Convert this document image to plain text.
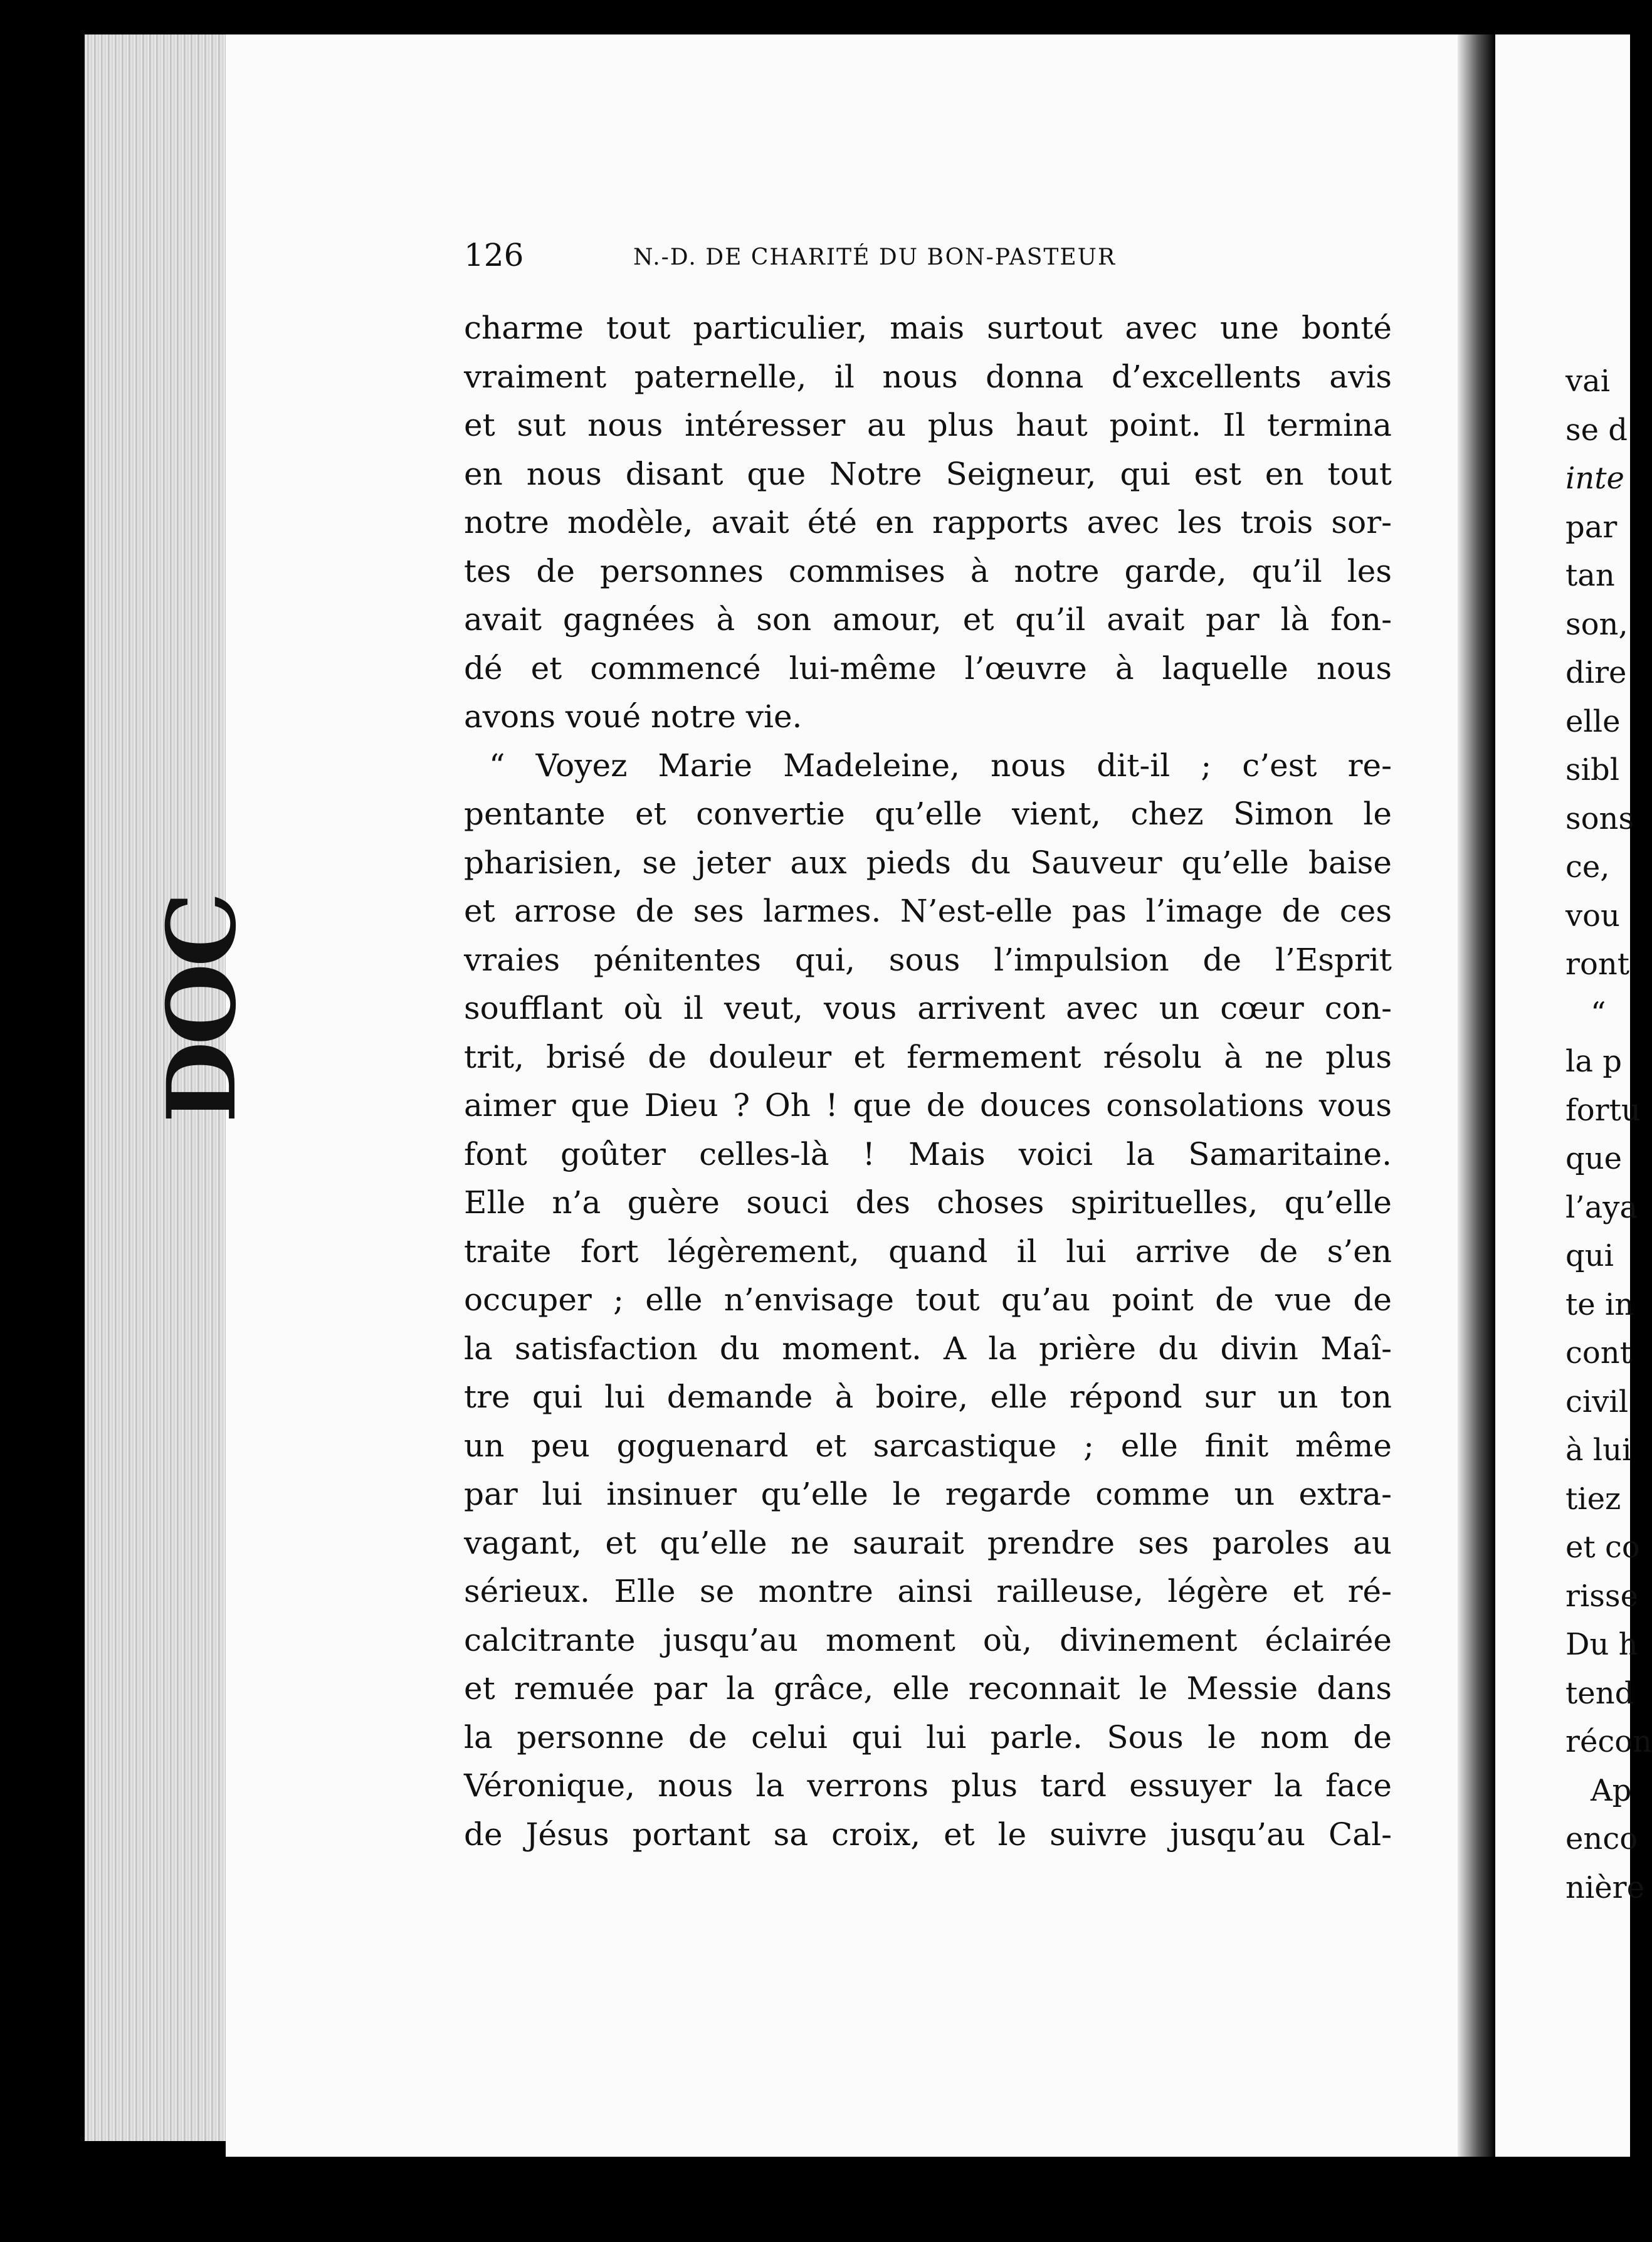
DOC
126	N.-D. DE CHARITÉ DU BON-PASTEUR
charme tout particulier, mais surtout avec une bonté
vraiment paternelle, il nous donna d’excellents avis
et sut nous intéresser au plus haut point. Il termina
en nous disant que Notre Seigneur, qui est en tout
notre modèle, avait été en rapports avec les trois sor-
tes de personnes commises à notre garde, qu’il les
avait gagnées à son amour, et qu’il avait par là fon-
dé et commencé lui-même l’œuvre à laquelle nous
avons voué notre vie.
“ Voyez Marie Madeleine, nous dit-il ; c’est re-
pentante et convertie qu’elle vient, chez Simon le
pharisien, se jeter aux pieds du Sauveur qu’elle baise
et arrose de ses larmes. N’est-elle pas l’image de ces
vraies pénitentes qui, sous l’impulsion de l’Esprit
soufflant où il veut, vous arrivent avec un cœur con-
trit, brisé de douleur et fermement résolu à ne plus
aimer que Dieu ? Oh ! que de douces consolations vous
font goûter celles-là ! Mais voici la Samaritaine.
Elle n’a guère souci des choses spirituelles, qu’elle
traite fort légèrement, quand il lui arrive de s’en
occuper ; elle n’envisage tout qu’au point de vue de
la satisfaction du moment. A la prière du divin Maî-
tre qui lui demande à boire, elle répond sur un ton
un peu goguenard et sarcastique ; elle finit même
par lui insinuer qu’elle le regarde comme un extra-
vagant, et qu’elle ne saurait prendre ses paroles au
sérieux. Elle se montre ainsi railleuse, légère et ré-
calcitrante jusqu’au moment où, divinement éclairée
et remuée par la grâce, elle reconnait le Messie dans
la personne de celui qui lui parle. Sous le nom de
Véronique, nous la verrons plus tard essuyer la face
de Jésus portant sa croix, et le suivre jusqu’au Cal-
vai
se d
inte
par
tan
son,
dire
elle
sibl
sons
ce,
vou
ront
“
la p
fortu
que
l’aya
qui
te in
cont
civil
à lui
tiez
et co
risse
Du h
tend
récon
Ap
enco
nière
